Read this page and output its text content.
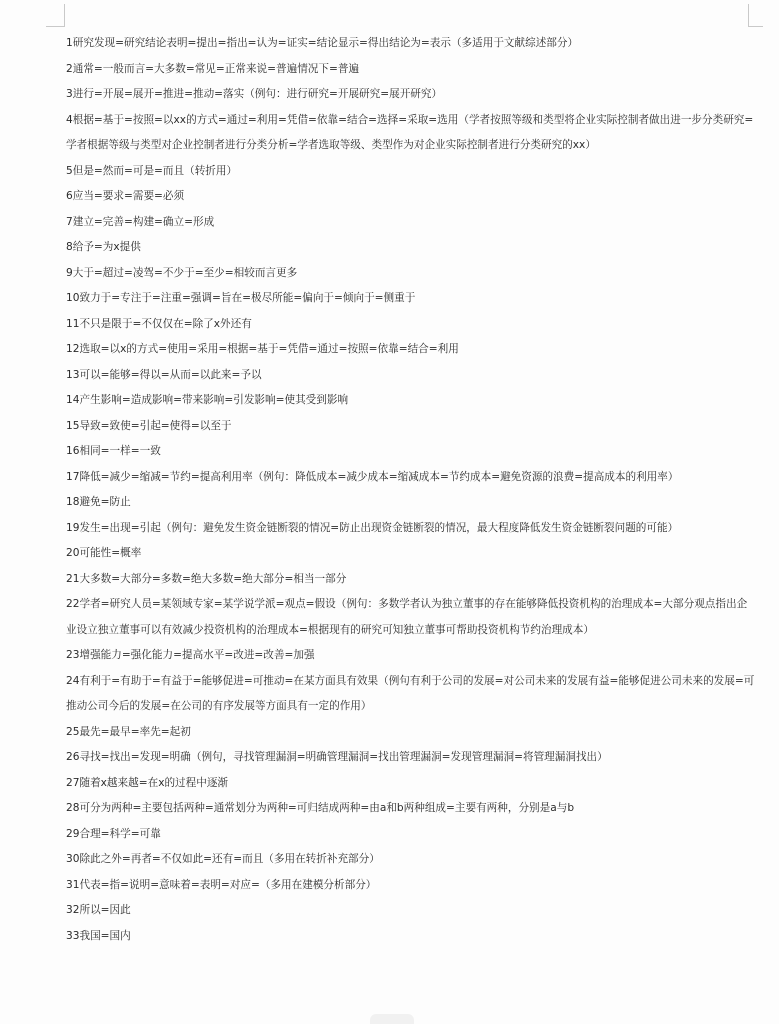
1研究发现=研究结论表明=提出=指出=认为=证实=结论显示=得出结论为=表示（多适用于文献综述部分）
2通常=一般而言=大多数=常见=正常来说=普遍情况下=普遍
3进行=开展=展开=推进=推动=落实（例句：进行研究=开展研究=展开研究）
4根据=基于=按照=以xx的方式=通过=利用=凭借=依靠=结合=选择=采取=选用（学者按照等级和类型将企业实际控制者做出进一步分类研究=学者根据等级与类型对企业控制者进行分类分析=学者选取等级、类型作为对企业实际控制者进行分类研究的xx）
5但是=然而=可是=而且（转折用）
6应当=要求=需要=必须
7建立=完善=构建=确立=形成
8给予=为x提供
9大于=超过=凌驾=不少于=至少=相较而言更多
10致力于=专注于=注重=强调=旨在=极尽所能=偏向于=倾向于=侧重于
11不只是限于=不仅仅在=除了x外还有
12选取=以x的方式=使用=采用=根据=基于=凭借=通过=按照=依靠=结合=利用
13可以=能够=得以=从而=以此来=予以
14产生影响=造成影响=带来影响=引发影响=使其受到影响
15导致=致使=引起=使得=以至于
16相同=一样=一致
17降低=减少=缩减=节约=提高利用率（例句：降低成本=减少成本=缩减成本=节约成本=避免资源的浪费=提高成本的利用率）
18避免=防止
19发生=出现=引起（例句：避免发生资金链断裂的情况=防止出现资金链断裂的情况，最大程度降低发生资金链断裂问题的可能）
20可能性=概率
21大多数=大部分=多数=绝大多数=绝大部分=相当一部分
22学者=研究人员=某领域专家=某学说学派=观点=假设（例句：多数学者认为独立董事的存在能够降低投资机构的治理成本=大部分观点指出企业设立独立董事可以有效减少投资机构的治理成本=根据现有的研究可知独立董事可帮助投资机构节约治理成本）
23增强能力=强化能力=提高水平=改进=改善=加强
24有利于=有助于=有益于=能够促进=可推动=在某方面具有效果（例句有利于公司的发展=对公司未来的发展有益=能够促进公司未来的发展=可推动公司今后的发展=在公司的有序发展等方面具有一定的作用）
25最先=最早=率先=起初
26寻找=找出=发现=明确（例句，寻找管理漏洞=明确管理漏洞=找出管理漏洞=发现管理漏洞=将管理漏洞找出）
27随着x越来越=在x的过程中逐渐
28可分为两种=主要包括两种=通常划分为两种=可归结成两种=由a和b两种组成=主要有两种，分别是a与b
29合理=科学=可靠
30除此之外=再者=不仅如此=还有=而且（多用在转折补充部分）
31代表=指=说明=意味着=表明=对应=（多用在建模分析部分）
32所以=因此
33我国=国内
